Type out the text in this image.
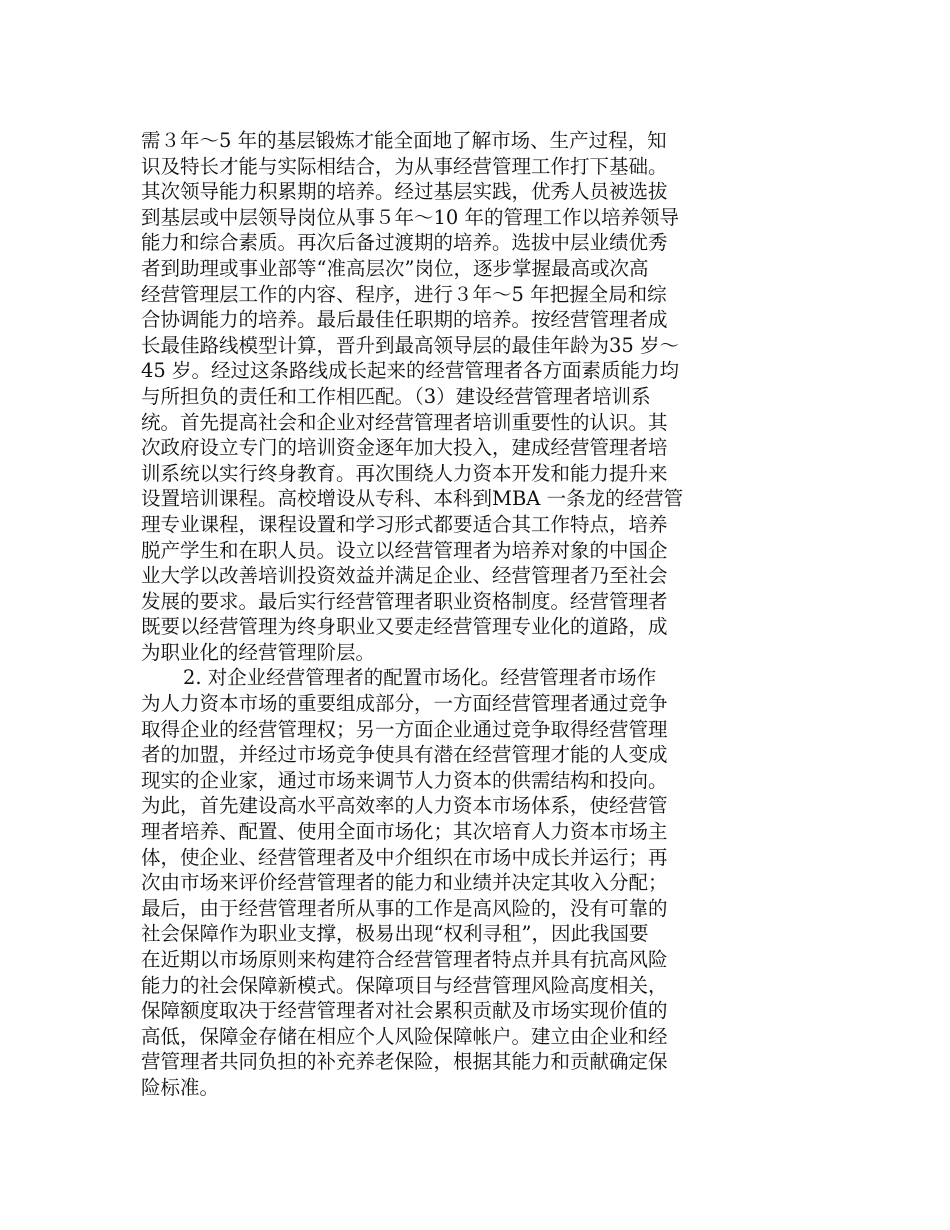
需３年～5 年的基层锻炼才能全面地了解市场、生产过程，知
识及特长才能与实际相结合，为从事经营管理工作打下基础。
其次领导能力积累期的培养。经过基层实践，优秀人员被选拔
到基层或中层领导岗位从事５年～10 年的管理工作以培养领导
能力和综合素质。再次后备过渡期的培养。选拔中层业绩优秀
者到助理或事业部等“准高层次”岗位，逐步掌握最高或次高
经营管理层工作的内容、程序，进行３年～5 年把握全局和综
合协调能力的培养。最后最佳任职期的培养。按经营管理者成
长最佳路线模型计算，晋升到最高领导层的最佳年龄为35 岁～
45 岁。经过这条路线成长起来的经营管理者各方面素质能力均
与所担负的责任和工作相匹配。（3）建设经营管理者培训系
统。首先提高社会和企业对经营管理者培训重要性的认识。其
次政府设立专门的培训资金逐年加大投入，建成经营管理者培
训系统以实行终身教育。再次围绕人力资本开发和能力提升来
设置培训课程。高校增设从专科、本科到MBA 一条龙的经营管
理专业课程，课程设置和学习形式都要适合其工作特点，培养
脱产学生和在职人员。设立以经营管理者为培养对象的中国企
业大学以改善培训投资效益并满足企业、经营管理者乃至社会
发展的要求。最后实行经营管理者职业资格制度。经营管理者
既要以经营管理为终身职业又要走经营管理专业化的道路，成
为职业化的经营管理阶层。
2. 对企业经营管理者的配置市场化。经营管理者市场作
为人力资本市场的重要组成部分，一方面经营管理者通过竞争
取得企业的经营管理权；另一方面企业通过竞争取得经营管理
者的加盟，并经过市场竞争使具有潜在经营管理才能的人变成
现实的企业家，通过市场来调节人力资本的供需结构和投向。
为此，首先建设高水平高效率的人力资本市场体系，使经营管
理者培养、配置、使用全面市场化；其次培育人力资本市场主
体，使企业、经营管理者及中介组织在市场中成长并运行；再
次由市场来评价经营管理者的能力和业绩并决定其收入分配；
最后，由于经营管理者所从事的工作是高风险的，没有可靠的
社会保障作为职业支撑，极易出现“权利寻租”，因此我国要
在近期以市场原则来构建符合经营管理者特点并具有抗高风险
能力的社会保障新模式。保障项目与经营管理风险高度相关，
保障额度取决于经营管理者对社会累积贡献及市场实现价值的
高低，保障金存储在相应个人风险保障帐户。建立由企业和经
营管理者共同负担的补充养老保险，根据其能力和贡献确定保
险标准。
